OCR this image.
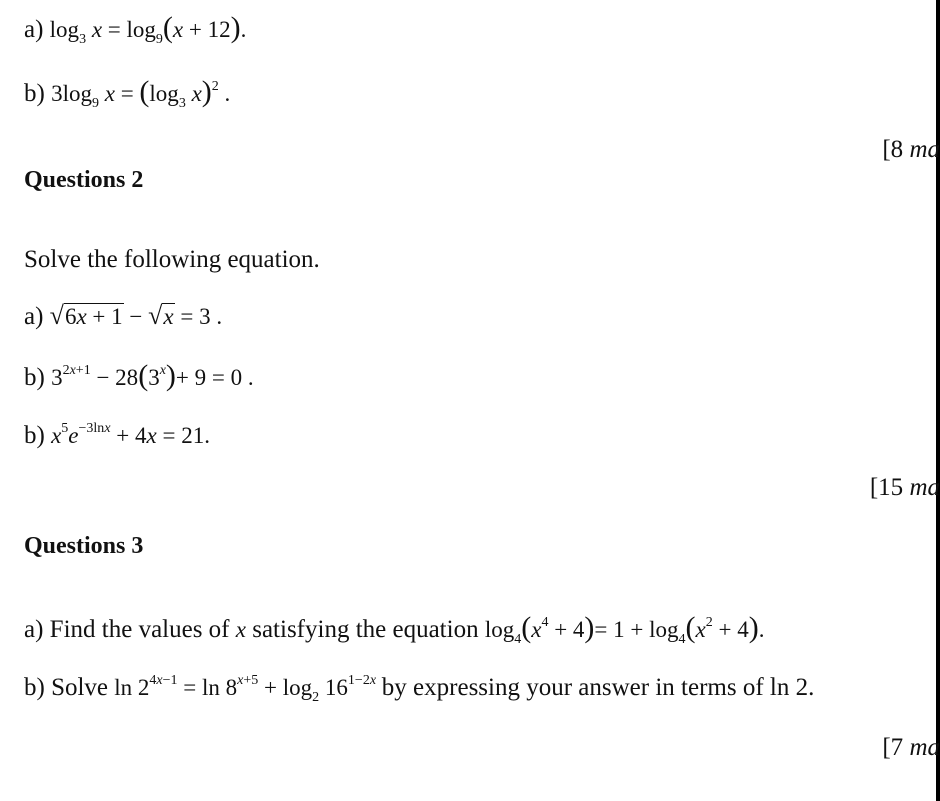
a) $\log_3 x = \log_9(x + 12)$.
b) $3\log_9$ $x = (\log_3$ x)$^2$ .
[8 ma
Questions 2
Solve the following equation.
a) √6x + 1 − √x = 3 .
b) $3^{2x+1} - 28(3^x)+ 9 = 0$ .
b) $x^5e^{-3lnx} + 4x = 21$.
[15 ma
Questions 3
a) Find the values of x satisfying the equation $\log_4(x^4 + 4)= 1 + \log_4(x^2 + 4)$.
b) Solve $\ln 2^{4x-1} = \ln 8^{x+5} + \log_2 16^{1-2x}$ by expressing your answer in terms of ln 2.
[7 ma
